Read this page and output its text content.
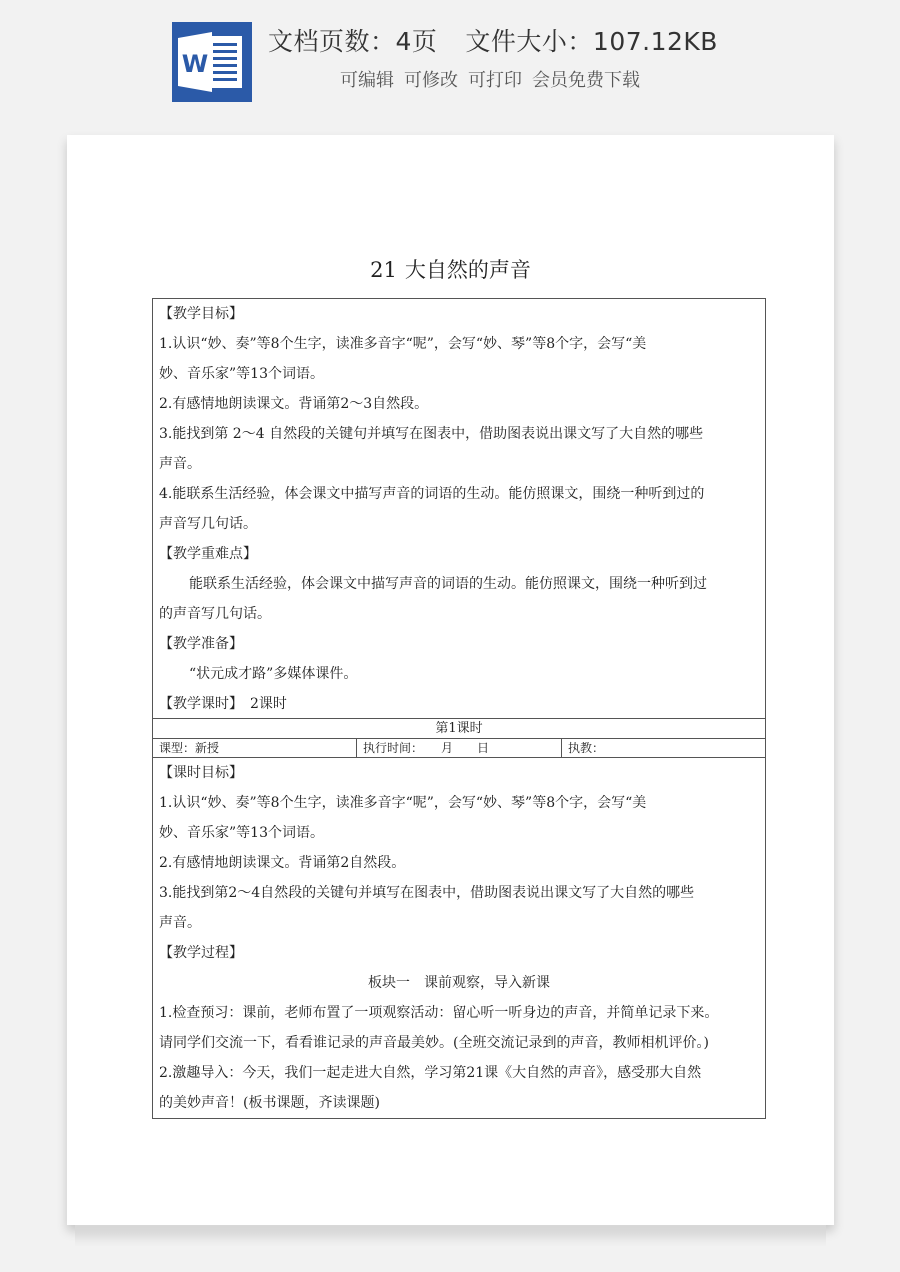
W
文档页数：4页 文件大小：107.12KB
可编辑 可修改 可打印 会员免费下载
21 大自然的声音

【教学目标】

1.认识“妙、奏”等8个生字，读准多音字“呢”，会写“妙、琴”等8个字，会写“美

妙、音乐家”等13个词语。

2.有感情地朗读课文。背诵第2～3自然段。

3.能找到第 2～4 自然段的关键句并填写在图表中，借助图表说出课文写了大自然的哪些

声音。

4.能联系生活经验，体会课文中描写声音的词语的生动。能仿照课文，围绕一种听到过的

声音写几句话。

【教学重难点】

能联系生活经验，体会课文中描写声音的词语的生动。能仿照课文，围绕一种听到过

的声音写几句话。

【教学准备】

“状元成才路”多媒体课件。

【教学课时】　2课时

第1课时
课型：新授	执行时间：　　月　　日	执教：

【课时目标】

1.认识“妙、奏”等8个生字，读准多音字“呢”，会写“妙、琴”等8个字，会写“美

妙、音乐家”等13个词语。

2.有感情地朗读课文。背诵第2自然段。

3.能找到第2～4自然段的关键句并填写在图表中，借助图表说出课文写了大自然的哪些

声音。

【教学过程】

板块一　课前观察，导入新课

1.检查预习：课前，老师布置了一项观察活动：留心听一听身边的声音，并简单记录下来。

请同学们交流一下，看看谁记录的声音最美妙。(全班交流记录到的声音，教师相机评价。)

2.激趣导入：今天，我们一起走进大自然，学习第21课《大自然的声音》，感受那大自然

的美妙声音！(板书课题，齐读课题)
